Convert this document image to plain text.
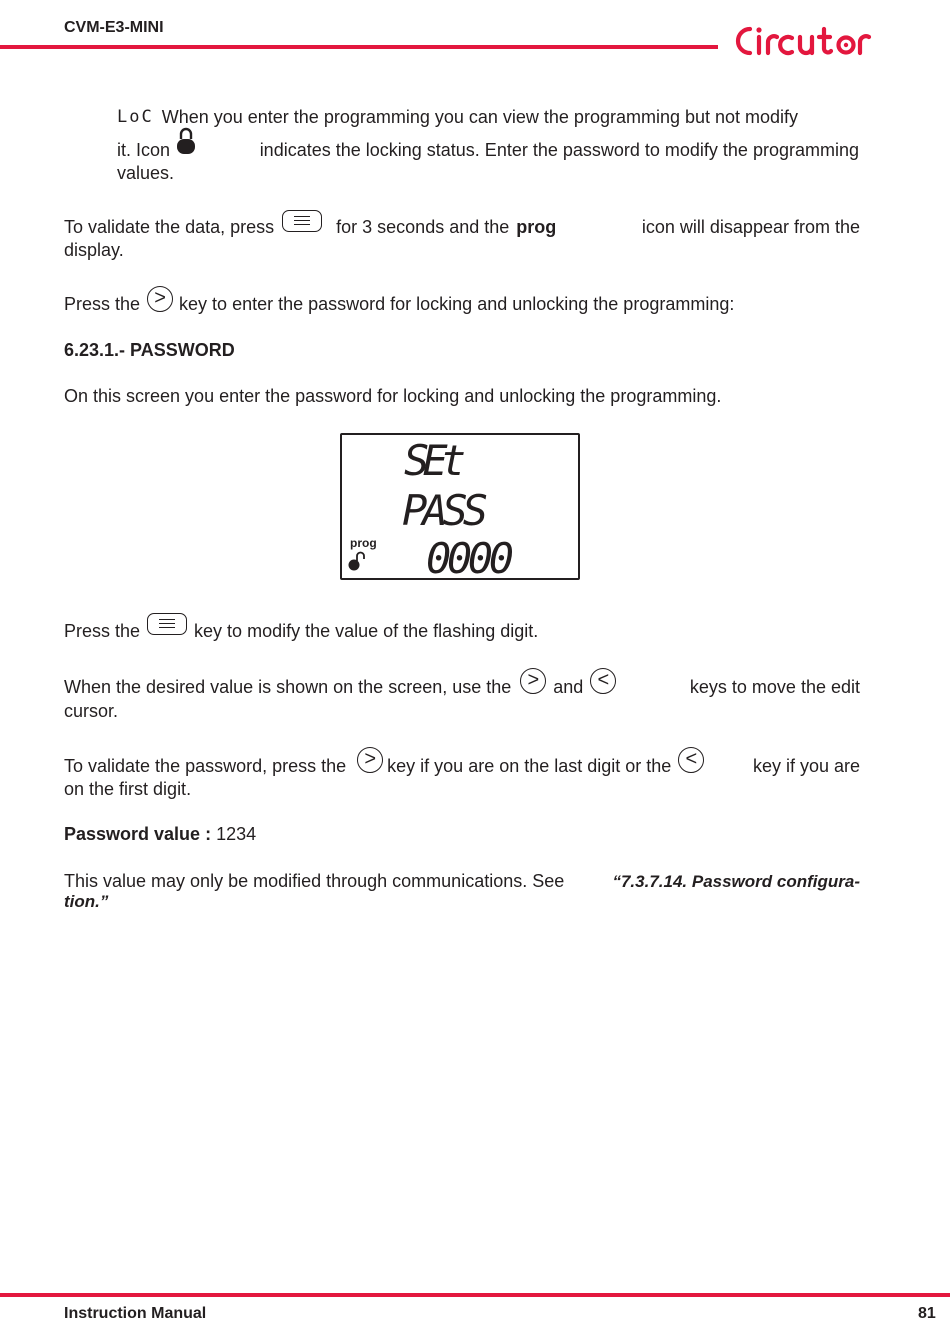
CVM-E3-MINI
LoC When you enter the programming you can view the programming but not modify
it. Icon	indicates the locking status. Enter the password to modify the programming
values.
To validate the data, press	for 3 seconds and the prog	icon will disappear from the
display.
Press the > key to enter the password for locking and unlocking the programming:
6.23.1.- PASSWORD
On this screen you enter the password for locking and unlocking the programming.
SEt
PASS
0000
prog
Press the	key to modify the value of the flashing digit.
When the desired value is shown on the screen, use the > and <	keys to move the edit
cursor.
To validate the password, press the > key if you are on the last digit or the <	key if you are
on the first digit.
Password value : 1234
This value may only be modified through communications. See	“7.3.7.14. Password configura-
tion.”
Instruction Manual	81
